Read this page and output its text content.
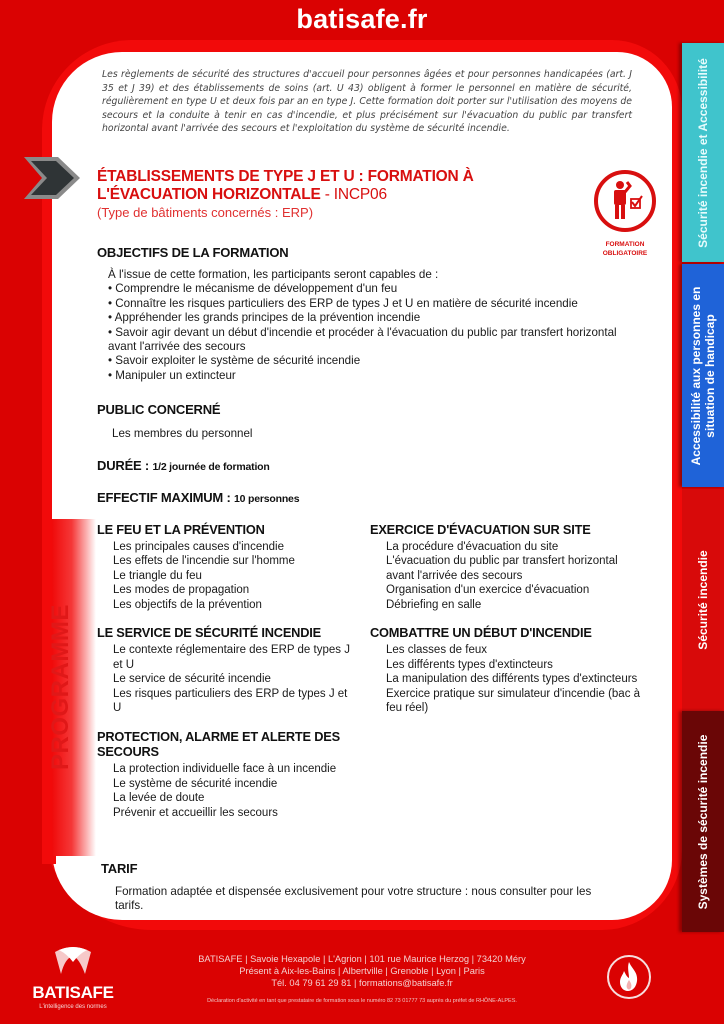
batisafe.fr

Les règlements de sécurité des structures d'accueil pour personnes âgées et pour personnes handicapées (art. J 35 et J 39) et des établissements de soins (art. U 43) obligent à former le personnel en matière de sécurité, régulièrement en type U et deux fois par an en type J. Cette formation doit porter sur l'utilisation des moyens de secours et la conduite à tenir en cas d'incendie, et plus précisément sur l'évacuation du public par transfert horizontal avant l'arrivée des secours et l'exploitation du système de sécurité incendie.

ÉTABLISSEMENTS DE TYPE J ET U : FORMATION À L'ÉVACUATION HORIZONTALE - INCP06
(Type de bâtiments concernés : ERP)
FORMATION
OBLIGATOIRE
OBJECTIFS DE LA FORMATION
À l'issue de cette formation, les participants seront capables de :
• Comprendre le mécanisme de développement d'un feu
• Connaître les risques particuliers des ERP de types J et U en matière de sécurité incendie
• Appréhender les grands principes de la prévention incendie
• Savoir agir devant un début d'incendie et procéder à l'évacuation du public par transfert horizontal avant l'arrivée des secours
• Savoir exploiter le système de sécurité incendie
• Manipuler un extincteur
PUBLIC CONCERNÉ
Les membres du personnel
DURÉE : 1/2 journée de formation
EFFECTIF MAXIMUM : 10 personnes
PROGRAMME
LE FEU ET LA PRÉVENTION
Les principales causes d'incendie
Les effets de l'incendie sur l'homme
Le triangle du feu
Les modes de propagation
Les objectifs de la prévention
LE SERVICE DE SÉCURITÉ INCENDIE
Le contexte réglementaire des ERP de types J et U
Le service de sécurité incendie
Les risques particuliers des ERP de types J et U
PROTECTION, ALARME ET ALERTE DES SECOURS
La protection individuelle face à un incendie
Le système de sécurité incendie
La levée de doute
Prévenir et accueillir les secours
EXERCICE D'ÉVACUATION SUR SITE
La procédure d'évacuation du site
L'évacuation du public par transfert horizontal avant l'arrivée des secours
Organisation d'un exercice d'évacuation
Débriefing en salle
COMBATTRE UN DÉBUT D'INCENDIE
Les classes de feux
Les différents types d'extincteurs
La manipulation des différents types d'extincteurs
Exercice pratique sur simulateur d'incendie (bac à feu réel)
TARIF
Formation adaptée et dispensée exclusivement pour votre structure : nous consulter pour les tarifs.
Sécurité incendie et Accessibilité
Accessibilité aux personnes en situation de handicap
Sécurité incendie
Systèmes de sécurité incendie
BATISAFE
L'intelligence des normes
BATISAFE | Savoie Hexapole | L'Agrion | 101 rue Maurice Herzog | 73420 Méry
Présent à Aix-les-Bains | Albertville | Grenoble | Lyon | Paris
Tél. 04 79 61 29 81 | formations@batisafe.fr
Déclaration d'activité en tant que prestataire de formation sous le numéro 82 73 01777 73 auprès du préfet de RHÔNE-ALPES.
